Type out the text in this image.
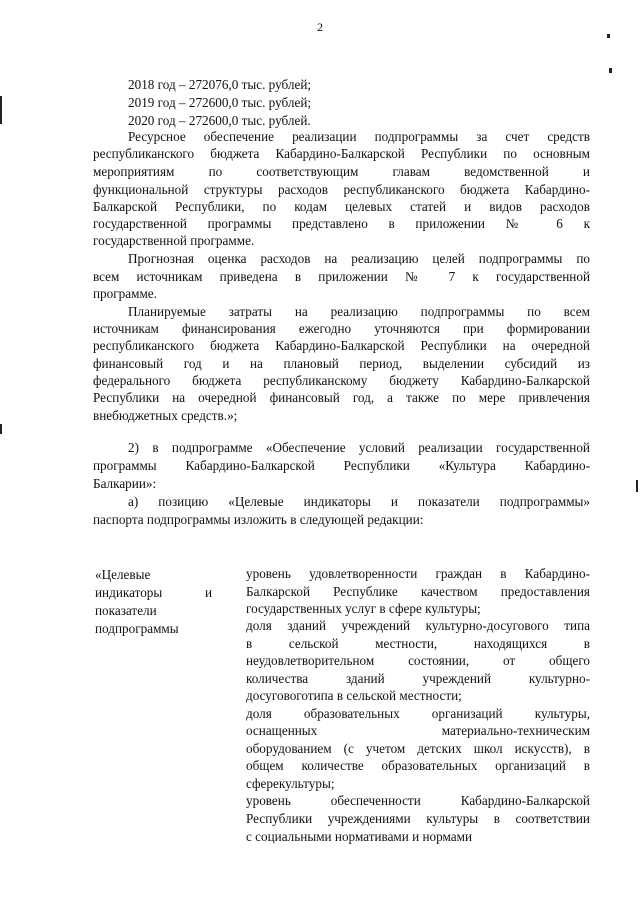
2
2018 год – 272076,0 тыс. рублей;
2019 год – 272600,0 тыс. рублей;
2020 год – 272600,0 тыс. рублей.
Ресурсное обеспечение реализации подпрограммы за счет средств
республиканского бюджета Кабардино-Балкарской Республики по основным
мероприятиям по соответствующим главам ведомственной и
функциональной структуры расходов республиканского бюджета Кабардино-
Балкарской Республики, по кодам целевых статей и видов расходов
государственной программы представлено в приложении № 6 к
государственной программе.
Прогнозная оценка расходов на реализацию целей подпрограммы по
всем источникам приведена в приложении № 7 к государственной
программе.
Планируемые затраты на реализацию подпрограммы по всем
источникам финансирования ежегодно уточняются при формировании
республиканского бюджета Кабардино-Балкарской Республики на очередной
финансовый год и на плановый период, выделении субсидий из
федерального бюджета республиканскому бюджету Кабардино-Балкарской
Республики на очередной финансовый год, а также по мере привлечения
внебюджетных средств.»;
2) в подпрограмме «Обеспечение условий реализации государственной
программы Кабардино-Балкарской Республики «Культура Кабардино-
Балкарии»:
а) позицию «Целевые индикаторы и показатели подпрограммы»
паспорта подпрограммы изложить в следующей редакции:
«Целевые
индикаторы и
показатели
подпрограммы
уровень удовлетворенности граждан в Кабардино-
Балкарской Республике качеством предоставления
государственных услуг в сфере культуры;
доля зданий учреждений культурно-досугового типа
в сельской местности, находящихся в
неудовлетворительном состоянии, от общего
количества зданий учреждений культурно-
досуговоготипа в сельской местности;
доля образовательных организаций культуры,
оснащенных материально-техническим
оборудованием (с учетом детских школ искусств), в
общем количестве образовательных организаций в
сферекультуры;
уровень обеспеченности Кабардино-Балкарской
Республики учреждениями культуры в соответствии
с социальными нормативами и нормами
